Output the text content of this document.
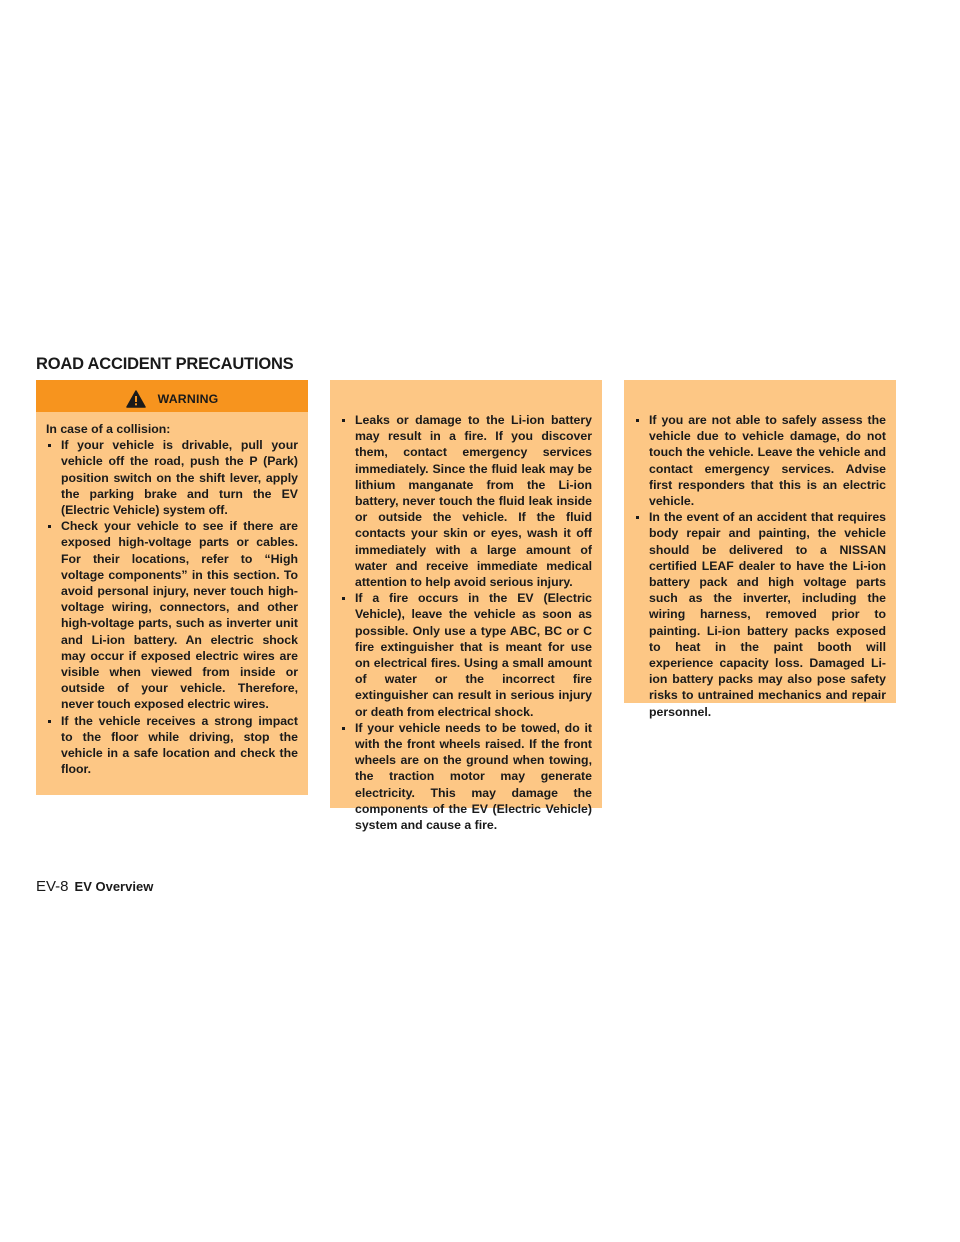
ROAD ACCIDENT PRECAUTIONS
WARNING

In case of a collision:

If your vehicle is drivable, pull your vehicle off the road, push the P (Park) position switch on the shift lever, apply the parking brake and turn the EV (Electric Vehicle) system off.
Check your vehicle to see if there are exposed high-voltage parts or cables. For their locations, refer to “High voltage components” in this section. To avoid personal injury, never touch high-voltage wiring, connectors, and other high-voltage parts, such as inverter unit and Li-ion battery. An electric shock may occur if exposed electric wires are visible when viewed from inside or outside of your vehicle. Therefore, never touch exposed electric wires.
If the vehicle receives a strong impact to the floor while driving, stop the vehicle in a safe location and check the floor.
Leaks or damage to the Li-ion battery may result in a fire. If you discover them, contact emergency services immediately. Since the fluid leak may be lithium manganate from the Li-ion battery, never touch the fluid leak inside or outside the vehicle. If the fluid contacts your skin or eyes, wash it off immediately with a large amount of water and receive immediate medical attention to help avoid serious injury.
If a fire occurs in the EV (Electric Vehicle), leave the vehicle as soon as possible. Only use a type ABC, BC or C fire extinguisher that is meant for use on electrical fires. Using a small amount of water or the incorrect fire extinguisher can result in serious injury or death from electrical shock.
If your vehicle needs to be towed, do it with the front wheels raised. If the front wheels are on the ground when towing, the traction motor may generate electricity. This may damage the components of the EV (Electric Vehicle) system and cause a fire.
If you are not able to safely assess the vehicle due to vehicle damage, do not touch the vehicle. Leave the vehicle and contact emergency services. Advise first responders that this is an electric vehicle.
In the event of an accident that requires body repair and painting, the vehicle should be delivered to a NISSAN certified LEAF dealer to have the Li-ion battery pack and high voltage parts such as the inverter, including the wiring harness, removed prior to painting. Li-ion battery packs exposed to heat in the paint booth will experience capacity loss. Damaged Li-ion battery packs may also pose safety risks to untrained mechanics and repair personnel.
EV-8 EV Overview
